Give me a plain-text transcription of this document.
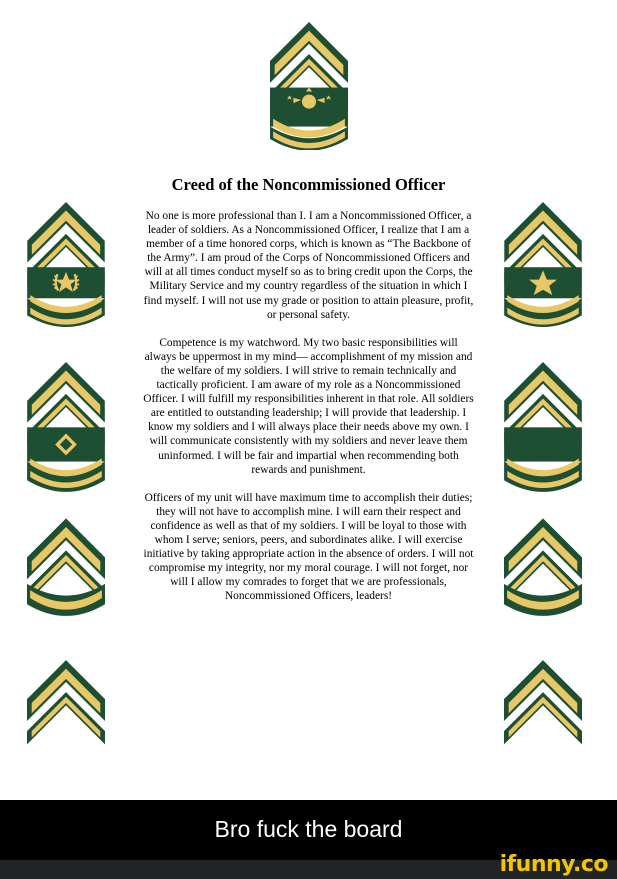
Creed of the Noncommissioned Officer

No one is more professional than I. I am a Noncommissioned Officer, a leader of soldiers. As a Noncommissioned Officer, I realize that I am a member of a time honored corps, which is known as “The Backbone of the Army”. I am proud of the Corps of Noncommissioned Officers and will at all times conduct myself so as to bring credit upon the Corps, the Military Service and my country regardless of the situation in which I find myself. I will not use my grade or position to attain pleasure, profit, or personal safety.

Competence is my watchword. My two basic responsibilities will always be uppermost in my mind— accomplishment of my mission and the welfare of my soldiers. I will strive to remain technically and tactically proficient. I am aware of my role as a Noncommissioned Officer. I will fulfill my responsibilities inherent in that role. All soldiers are entitled to outstanding leadership; I will provide that leadership. I know my soldiers and I will always place their needs above my own. I will communicate consistently with my soldiers and never leave them uninformed. I will be fair and impartial when recommending both rewards and punishment.

Officers of my unit will have maximum time to accomplish their duties; they will not have to accomplish mine. I will earn their respect and confidence as well as that of my soldiers. I will be loyal to those with whom I serve; seniors, peers, and subordinates alike. I will exercise initiative by taking appropriate action in the absence of orders. I will not compromise my integrity, nor my moral courage. I will not forget, nor will I allow my comrades to forget that we are professionals, Noncommissioned Officers, leaders!

Bro fuck the board
ifunny.co
